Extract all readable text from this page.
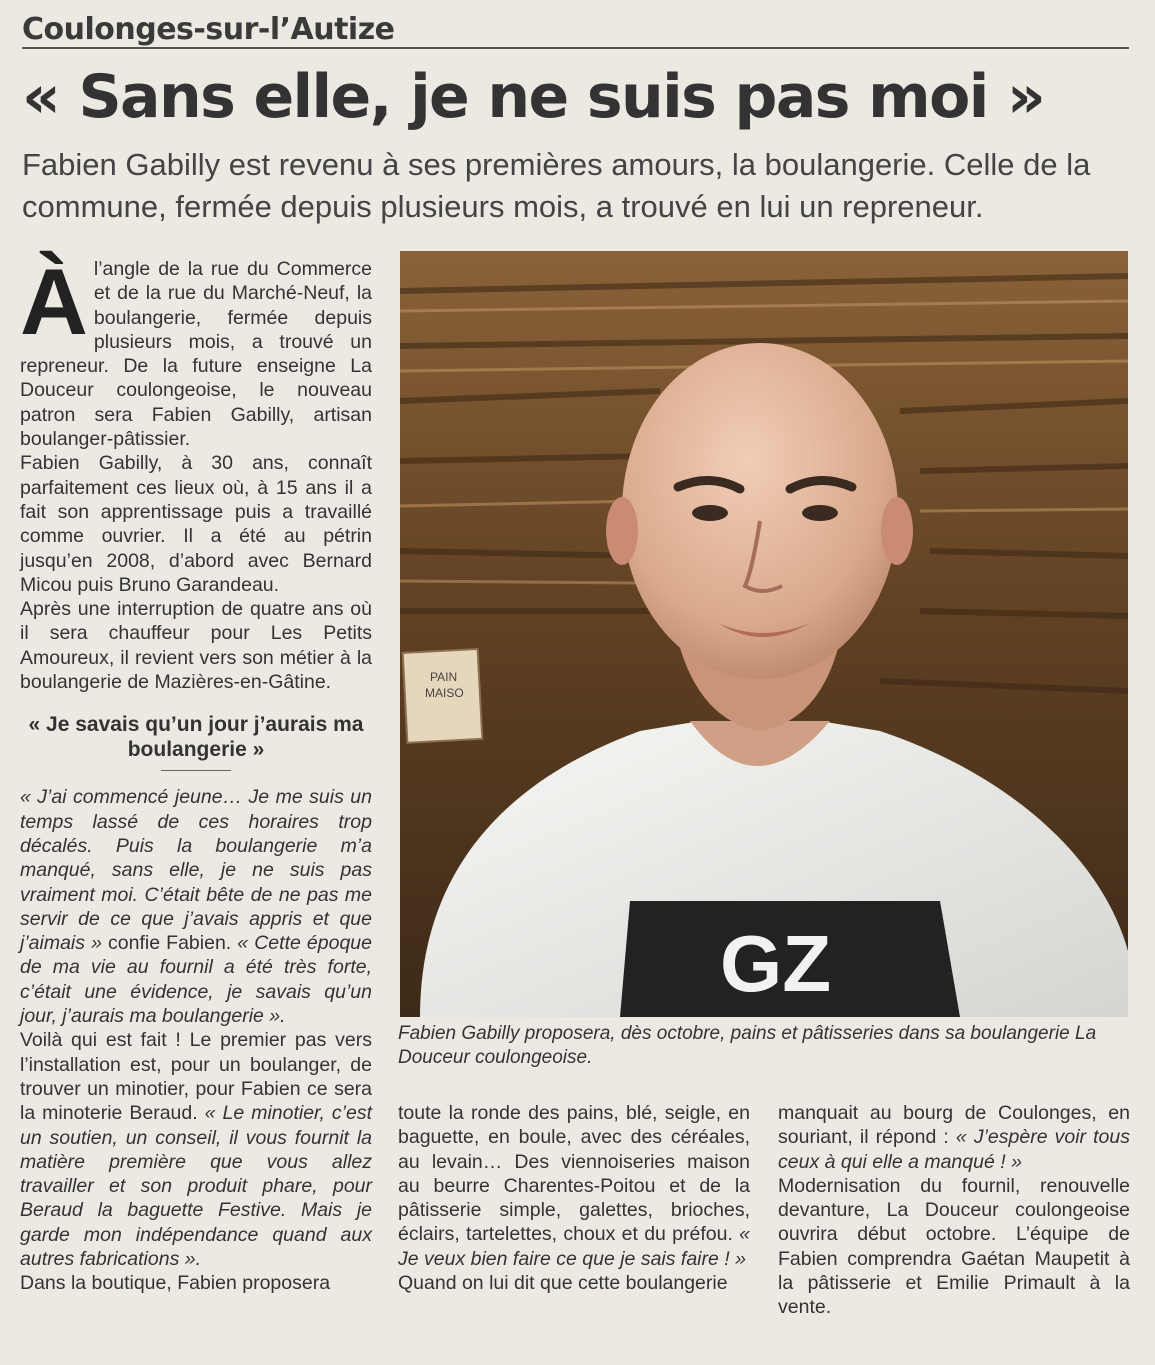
Coulonges-sur-l’Autize
« Sans elle, je ne suis pas moi »

Fabien Gabilly est revenu à ses premières amours, la boulangerie. Celle de la commune, fermée depuis plusieurs mois, a trouvé en lui un repreneur.

À l’angle de la rue du Commerce et de la rue du Marché-Neuf, la boulangerie, fermée depuis plusieurs mois, a trouvé un repreneur. De la future enseigne La Douceur coulongeoise, le nouveau patron sera Fabien Gabilly, artisan boulanger-pâtissier.

Fabien Gabilly, à 30 ans, connaît parfaitement ces lieux où, à 15 ans il a fait son apprentissage puis a travaillé comme ouvrier. Il a été au pétrin jusqu’en 2008, d’abord avec Bernard Micou puis Bruno Garandeau.

Après une interruption de quatre ans où il sera chauffeur pour Les Petits Amoureux, il revient vers son métier à la boulangerie de Mazières-en-Gâtine.

« Je savais qu’un jour j’aurais ma boulangerie »

« J’ai commencé jeune… Je me suis un temps lassé de ces horaires trop décalés. Puis la boulangerie m’a manqué, sans elle, je ne suis pas vraiment moi. C’était bête de ne pas me servir de ce que j’avais appris et que j’aimais » confie Fabien. « Cette époque de ma vie au fournil a été très forte, c’était une évidence, je savais qu’un jour, j’aurais ma boulangerie ».

Voilà qui est fait ! Le premier pas vers l’installation est, pour un boulanger, de trouver un minotier, pour Fabien ce sera la minoterie Beraud. « Le minotier, c’est un soutien, un conseil, il vous fournit la matière première que vous allez travailler et son produit phare, pour Beraud la baguette Festive. Mais je garde mon indépendance quand aux autres fabrications ».

Dans la boutique, Fabien proposera

PAIN
MAISO
GZ
Fabien Gabilly proposera, dès octobre, pains et pâtisseries dans sa boulangerie La Douceur coulongeoise.

toute la ronde des pains, blé, seigle, en baguette, en boule, avec des céréales, au levain… Des viennoiseries maison au beurre Charentes-Poitou et de la pâtisserie simple, galettes, brioches, éclairs, tartelettes, choux et du préfou. « Je veux bien faire ce que je sais faire ! »

Quand on lui dit que cette boulangerie

manquait au bourg de Coulonges, en souriant, il répond : « J’espère voir tous ceux à qui elle a manqué ! »

Modernisation du fournil, renouvelle devanture, La Douceur coulongeoise ouvrira début octobre. L’équipe de Fabien comprendra Gaétan Maupetit à la pâtisserie et Emilie Primault à la vente.
